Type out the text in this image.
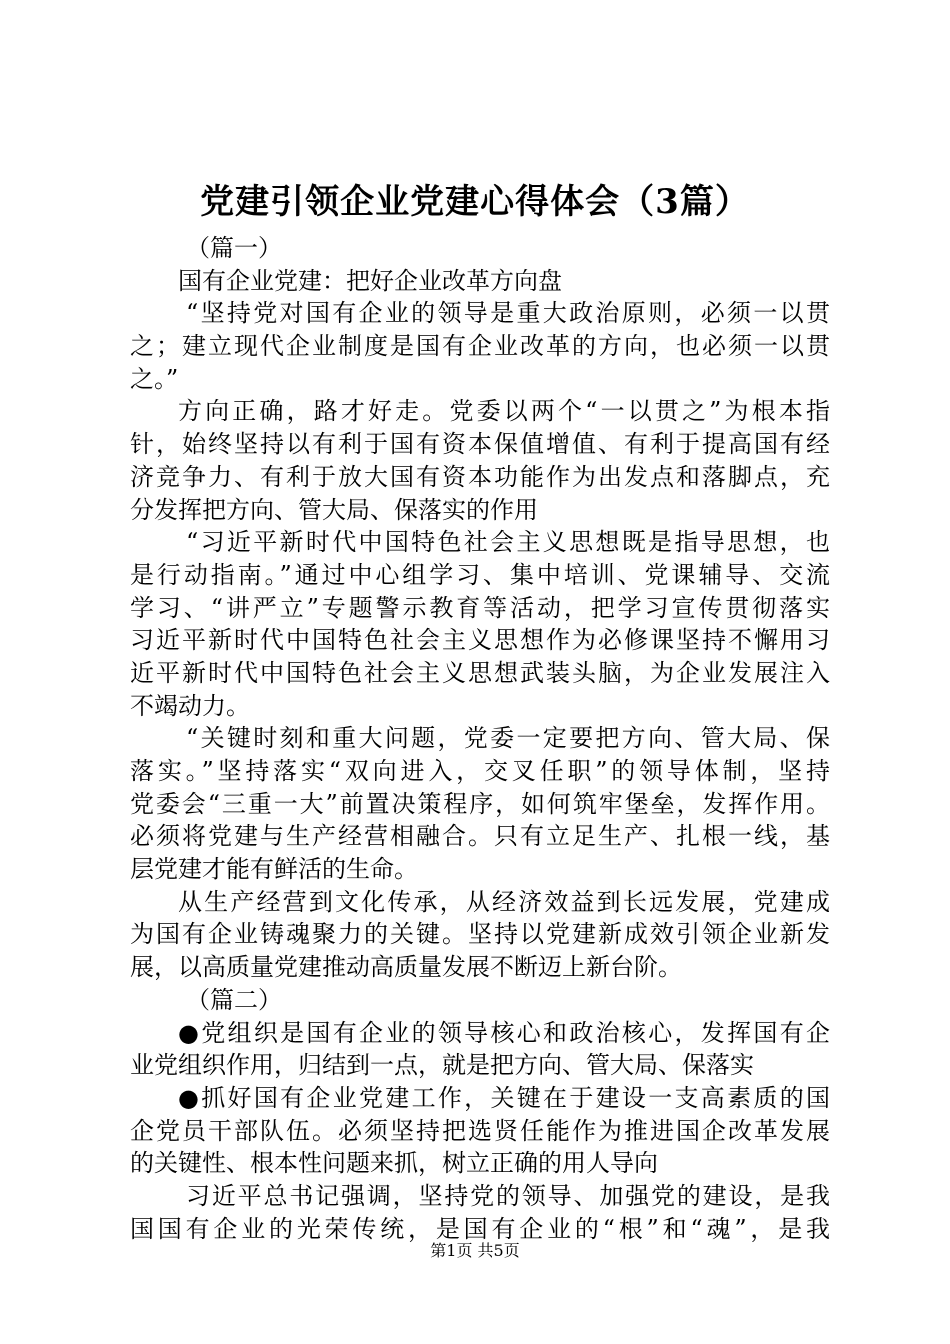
党建引领企业党建心得体会（3篇）
（篇一）
国有企业党建：把好企业改革方向盘
“坚持党对国有企业的领导是重大政治原则，必须一以贯
之；建立现代企业制度是国有企业改革的方向，也必须一以贯
之。”
方向正确，路才好走。党委以两个“一以贯之”为根本指
针，始终坚持以有利于国有资本保值增值、有利于提高国有经
济竞争力、有利于放大国有资本功能作为出发点和落脚点，充
分发挥把方向、管大局、保落实的作用
“习近平新时代中国特色社会主义思想既是指导思想，也
是行动指南。”通过中心组学习、集中培训、党课辅导、交流
学习、“讲严立”专题警示教育等活动，把学习宣传贯彻落实
习近平新时代中国特色社会主义思想作为必修课坚持不懈用习
近平新时代中国特色社会主义思想武装头脑，为企业发展注入
不竭动力。
“关键时刻和重大问题，党委一定要把方向、管大局、保
落实。”坚持落实“双向进入，交叉任职”的领导体制，坚持
党委会“三重一大”前置决策程序，如何筑牢堡垒，发挥作用。
必须将党建与生产经营相融合。只有立足生产、扎根一线，基
层党建才能有鲜活的生命。
从生产经营到文化传承，从经济效益到长远发展，党建成
为国有企业铸魂聚力的关键。坚持以党建新成效引领企业新发
展，以高质量党建推动高质量发展不断迈上新台阶。
（篇二）
●党组织是国有企业的领导核心和政治核心，发挥国有企
业党组织作用，归结到一点，就是把方向、管大局、保落实
●抓好国有企业党建工作，关键在于建设一支高素质的国
企党员干部队伍。必须坚持把选贤任能作为推进国企改革发展
的关键性、根本性问题来抓，树立正确的用人导向
习近平总书记强调，坚持党的领导、加强党的建设，是我
国国有企业的光荣传统，是国有企业的“根”和“魂”，是我
第1页 共5页
